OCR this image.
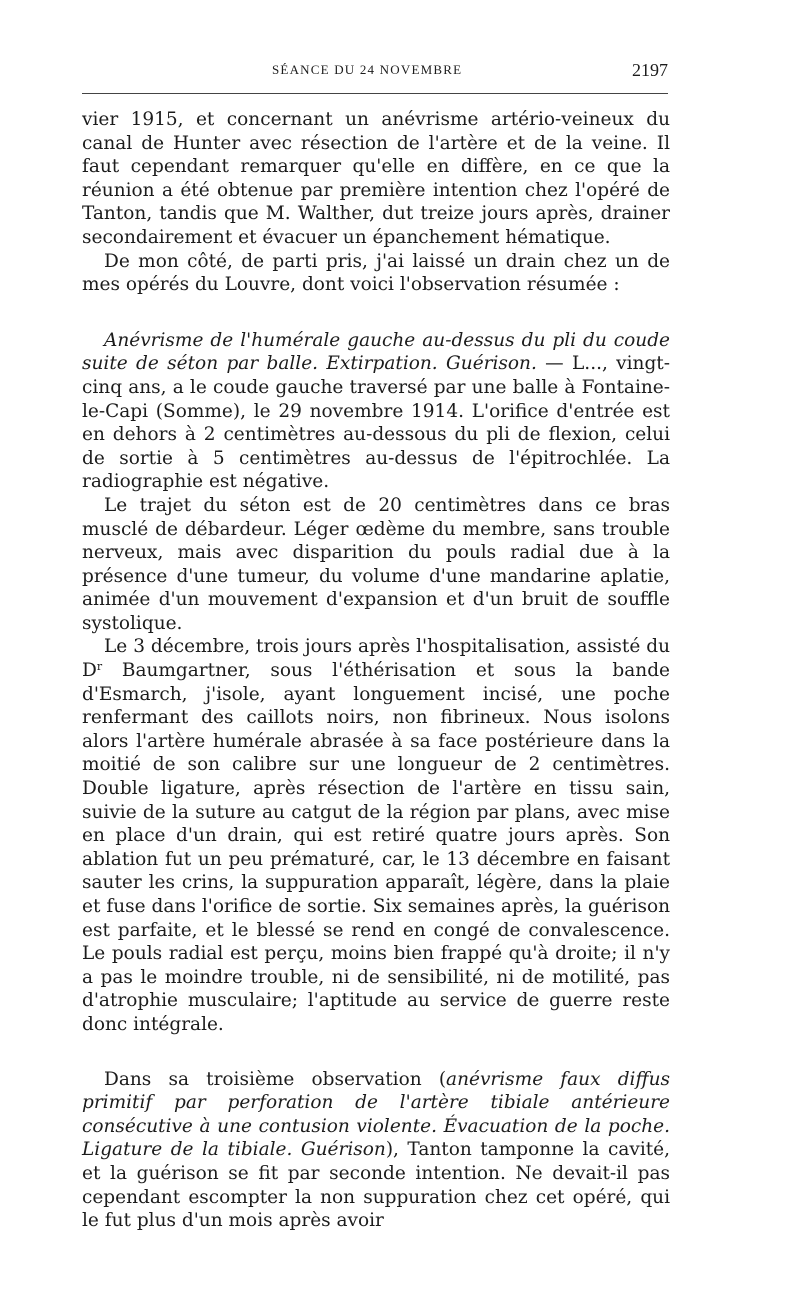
SÉANCE DU 24 NOVEMBRE	2197

vier 1915, et concernant un anévrisme artério-veineux du canal de Hunter avec résection de l'artère et de la veine. Il faut cependant remarquer qu'elle en diffère, en ce que la réunion a été obtenue par première intention chez l'opéré de Tanton, tandis que M. Walther, dut treize jours après, drainer secondairement et évacuer un épanchement hématique.

De mon côté, de parti pris, j'ai laissé un drain chez un de mes opérés du Louvre, dont voici l'observation résumée :

Anévrisme de l'humérale gauche au-dessus du pli du coude suite de séton par balle. Extirpation. Guérison. — L..., vingt-cinq ans, a le coude gauche traversé par une balle à Fontaine-le-Capi (Somme), le 29 novembre 1914. L'orifice d'entrée est en dehors à 2 centimètres au-dessous du pli de flexion, celui de sortie à 5 centimètres au-dessus de l'épitrochlée. La radiographie est négative.

Le trajet du séton est de 20 centimètres dans ce bras musclé de débardeur. Léger œdème du membre, sans trouble nerveux, mais avec disparition du pouls radial due à la présence d'une tumeur, du volume d'une mandarine aplatie, animée d'un mouvement d'expansion et d'un bruit de souffle systolique.

Le 3 décembre, trois jours après l'hospitalisation, assisté du $D^r$ Baumgartner, sous l'éthérisation et sous la bande d'Esmarch, j'isole, ayant longuement incisé, une poche renfermant des caillots noirs, non fibrineux. Nous isolons alors l'artère humérale abrasée à sa face postérieure dans la moitié de son calibre sur une longueur de 2 centimètres. Double ligature, après résection de l'artère en tissu sain, suivie de la suture au catgut de la région par plans, avec mise en place d'un drain, qui est retiré quatre jours après. Son ablation fut un peu prématuré, car, le 13 décembre en faisant sauter les crins, la suppuration apparaît, légère, dans la plaie et fuse dans l'orifice de sortie. Six semaines après, la guérison est parfaite, et le blessé se rend en congé de convalescence. Le pouls radial est perçu, moins bien frappé qu'à droite; il n'y a pas le moindre trouble, ni de sensibilité, ni de motilité, pas d'atrophie musculaire; l'aptitude au service de guerre reste donc intégrale.

Dans sa troisième observation (anévrisme faux diffus primitif par perforation de l'artère tibiale antérieure consécutive à une contusion violente. Évacuation de la poche. Ligature de la tibiale. Guérison), Tanton tamponne la cavité, et la guérison se fit par seconde intention. Ne devait-il pas cependant escompter la non suppuration chez cet opéré, qui le fut plus d'un mois après avoir
